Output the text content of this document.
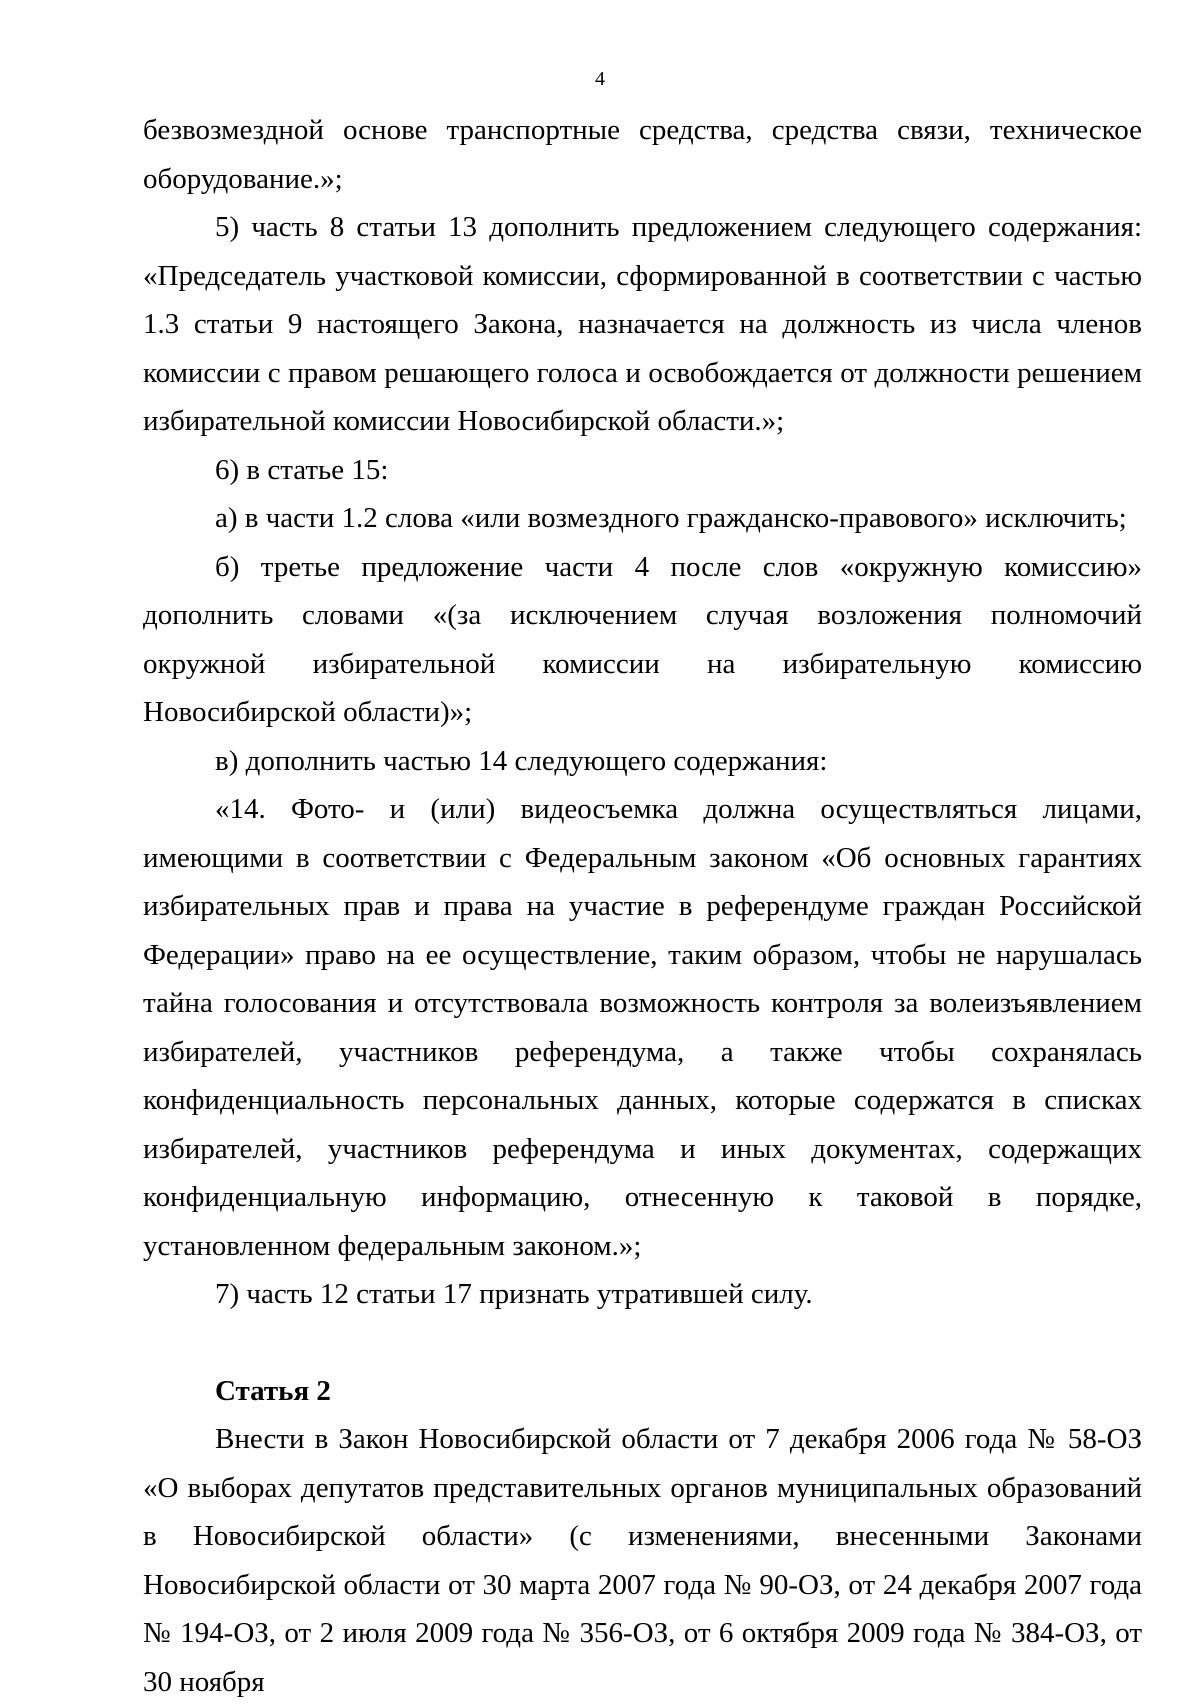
4

безвозмездной основе транспортные средства, средства связи, техническое оборудование.»;

5) часть 8 статьи 13 дополнить предложением следующего содержания: «Председатель участковой комиссии, сформированной в соответствии с частью 1.3 статьи 9 настоящего Закона, назначается на должность из числа членов комиссии с правом решающего голоса и освобождается от должности решением избирательной комиссии Новосибирской области.»;

6) в статье 15:

а) в части 1.2 слова «или возмездного гражданско-правового» исключить;

б) третье предложение части 4 после слов «окружную комиссию» дополнить словами «(за исключением случая возложения полномочий окружной избирательной комиссии на избирательную комиссию Новосибирской области)»;

в) дополнить частью 14 следующего содержания:

«14. Фото- и (или) видеосъемка должна осуществляться лицами, имеющими в соответствии с Федеральным законом «Об основных гарантиях избирательных прав и права на участие в референдуме граждан Российской Федерации» право на ее осуществление, таким образом, чтобы не нарушалась тайна голосования и отсутствовала возможность контроля за волеизъявлением избирателей, участников референдума, а также чтобы сохранялась конфиденциальность персональных данных, которые содержатся в списках избирателей, участников референдума и иных документах, содержащих конфиденциальную информацию, отнесенную к таковой в порядке, установленном федеральным законом.»;

7) часть 12 статьи 17 признать утратившей силу.

Статья 2

Внести в Закон Новосибирской области от 7 декабря 2006 года № 58-ОЗ «О выборах депутатов представительных органов муниципальных образований в Новосибирской области» (с изменениями, внесенными Законами Новосибирской области от 30 марта 2007 года № 90-ОЗ, от 24 декабря 2007 года № 194-ОЗ, от 2 июля 2009 года № 356-ОЗ, от 6 октября 2009 года № 384-ОЗ, от 30 ноября
